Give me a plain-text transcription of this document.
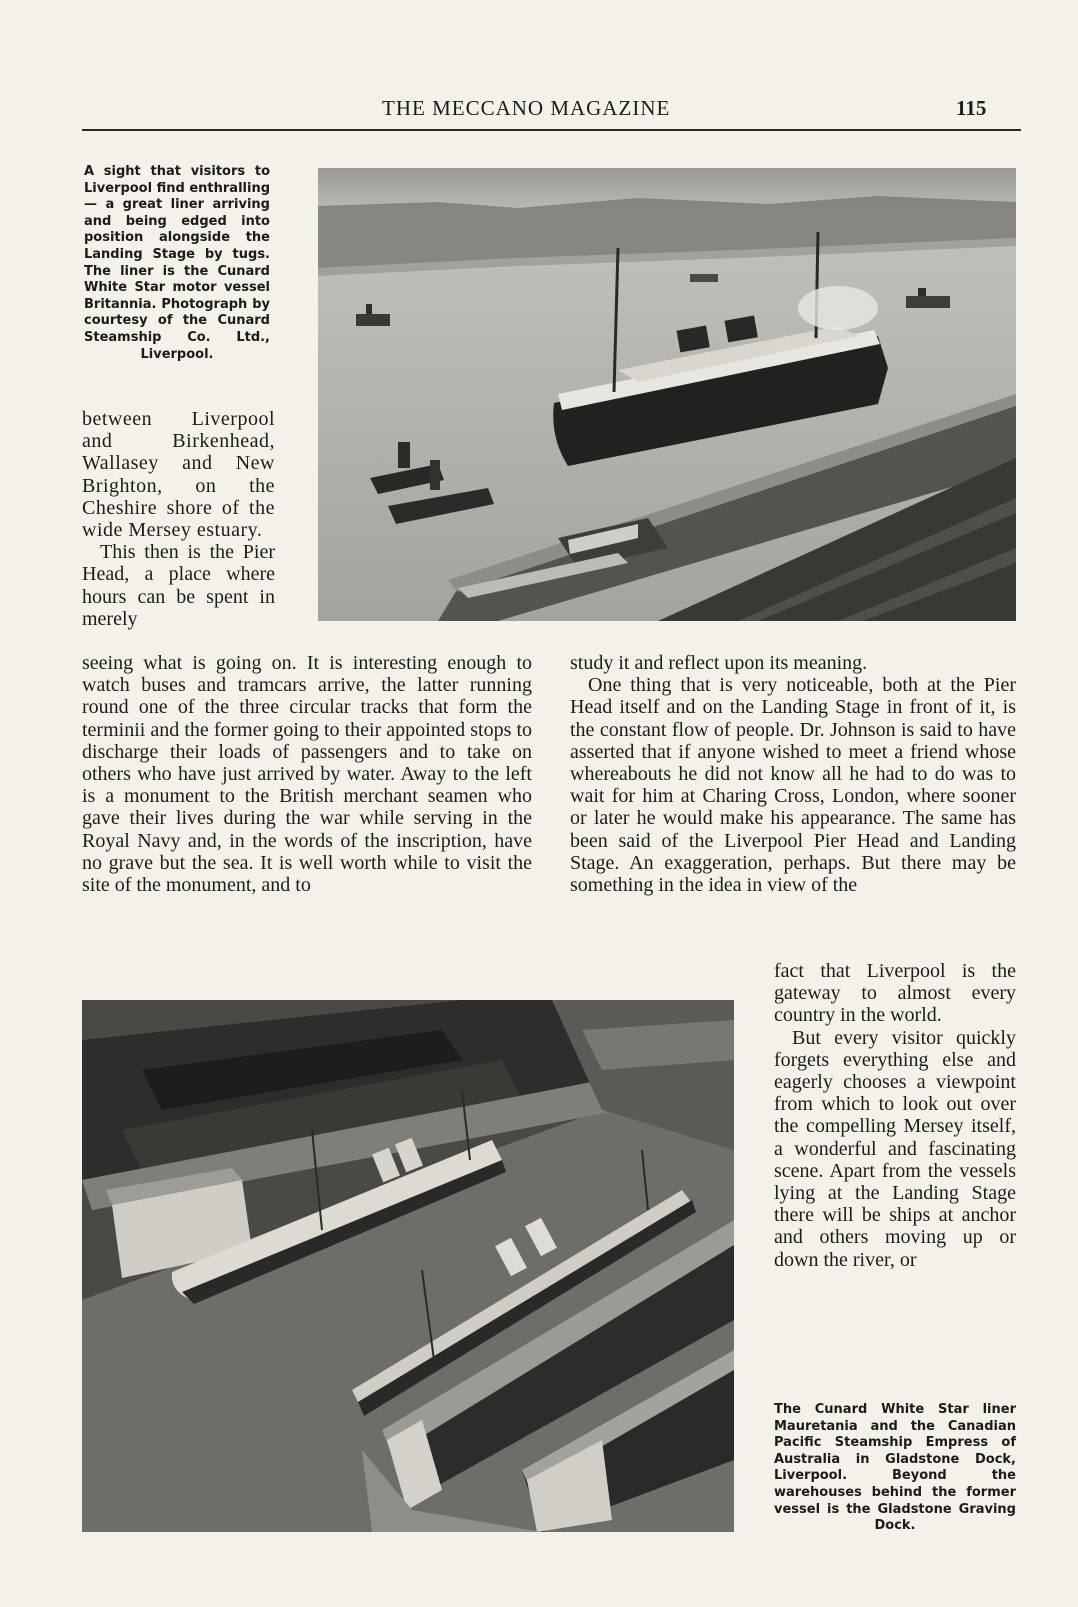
THE MECCANO MAGAZINE	115
A sight that visitors to Liverpool find enthralling — a great liner arriving and being edged into position alongside the Landing Stage by tugs. The liner is the Cunard White Star motor vessel Britannia. Photograph by courtesy of the Cunard Steamship Co. Ltd., Liverpool.

between Liverpool and Birkenhead, Wallasey and New Brighton, on the Cheshire shore of the wide Mersey estuary.

This then is the Pier Head, a place where hours can be spent in merely

seeing what is going on. It is interesting enough to watch buses and tramcars arrive, the latter running round one of the three circular tracks that form the terminii and the former going to their appointed stops to discharge their loads of passengers and to take on others who have just arrived by water. Away to the left is a monument to the British merchant seamen who gave their lives during the war while serving in the Royal Navy and, in the words of the inscription, have no grave but the sea. It is well worth while to visit the site of the monument, and to

study it and reflect upon its meaning.

One thing that is very noticeable, both at the Pier Head itself and on the Landing Stage in front of it, is the constant flow of people. Dr. Johnson is said to have asserted that if anyone wished to meet a friend whose whereabouts he did not know all he had to do was to wait for him at Charing Cross, London, where sooner or later he would make his appearance. The same has been said of the Liverpool Pier Head and Landing Stage. An exaggeration, perhaps. But there may be something in the idea in view of the

fact that Liverpool is the gateway to almost every country in the world.

But every visitor quickly forgets everything else and eagerly chooses a viewpoint from which to look out over the compelling Mersey itself, a wonderful and fascinating scene. Apart from the vessels lying at the Landing Stage there will be ships at anchor and others moving up or down the river, or

The Cunard White Star liner Mauretania and the Canadian Pacific Steamship Empress of Australia in Gladstone Dock, Liverpool. Beyond the warehouses behind the former vessel is the Gladstone Graving Dock.
